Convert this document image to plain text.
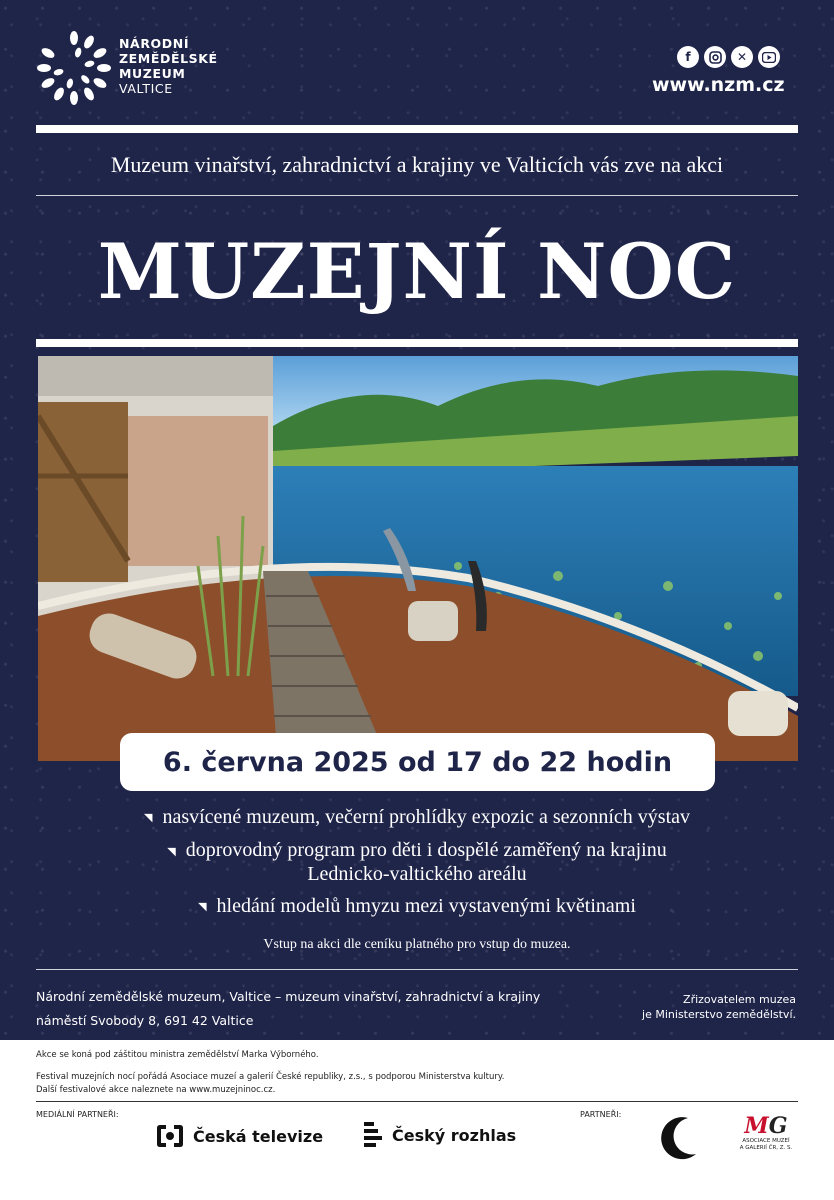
NÁRODNÍ
ZEMĚDĚLSKÉ
MUZEUM
VALTICE
f	✕
www.nzm.cz
Muzeum vinařství, zahradnictví a krajiny ve Valticích vás zve na akci
MUZEJNÍ NOC
6. června 2025 od 17 do 22 hodin
◥ nasvícené muzeum, večerní prohlídky expozic a sezonních výstav
◥ doprovodný program pro děti i dospělé zaměřený na krajinu
Lednicko-valtického areálu
◥ hledání modelů hmyzu mezi vystavenými květinami
Vstup na akci dle ceníku platného pro vstup do muzea.
Národní zemědělské muzeum, Valtice – muzeum vinařství, zahradnictví a krajiny
náměstí Svobody 8, 691 42 Valtice
Zřizovatelem muzea
je Ministerstvo zemědělství.
Akce se koná pod záštitou ministra zemědělství Marka Výborného.
Festival muzejních nocí pořádá Asociace muzeí a galerií České republiky, z.s., s podporou Ministerstva kultury.
Další festivalové akce naleznete na www.muzejninoc.cz.
MEDIÁLNÍ PARTNEŘI:	PARTNEŘI:
Česká televize	Český rozhlas	MG
ASOCIACE MUZEÍ
A GALERIÍ ČR, Z. S.
